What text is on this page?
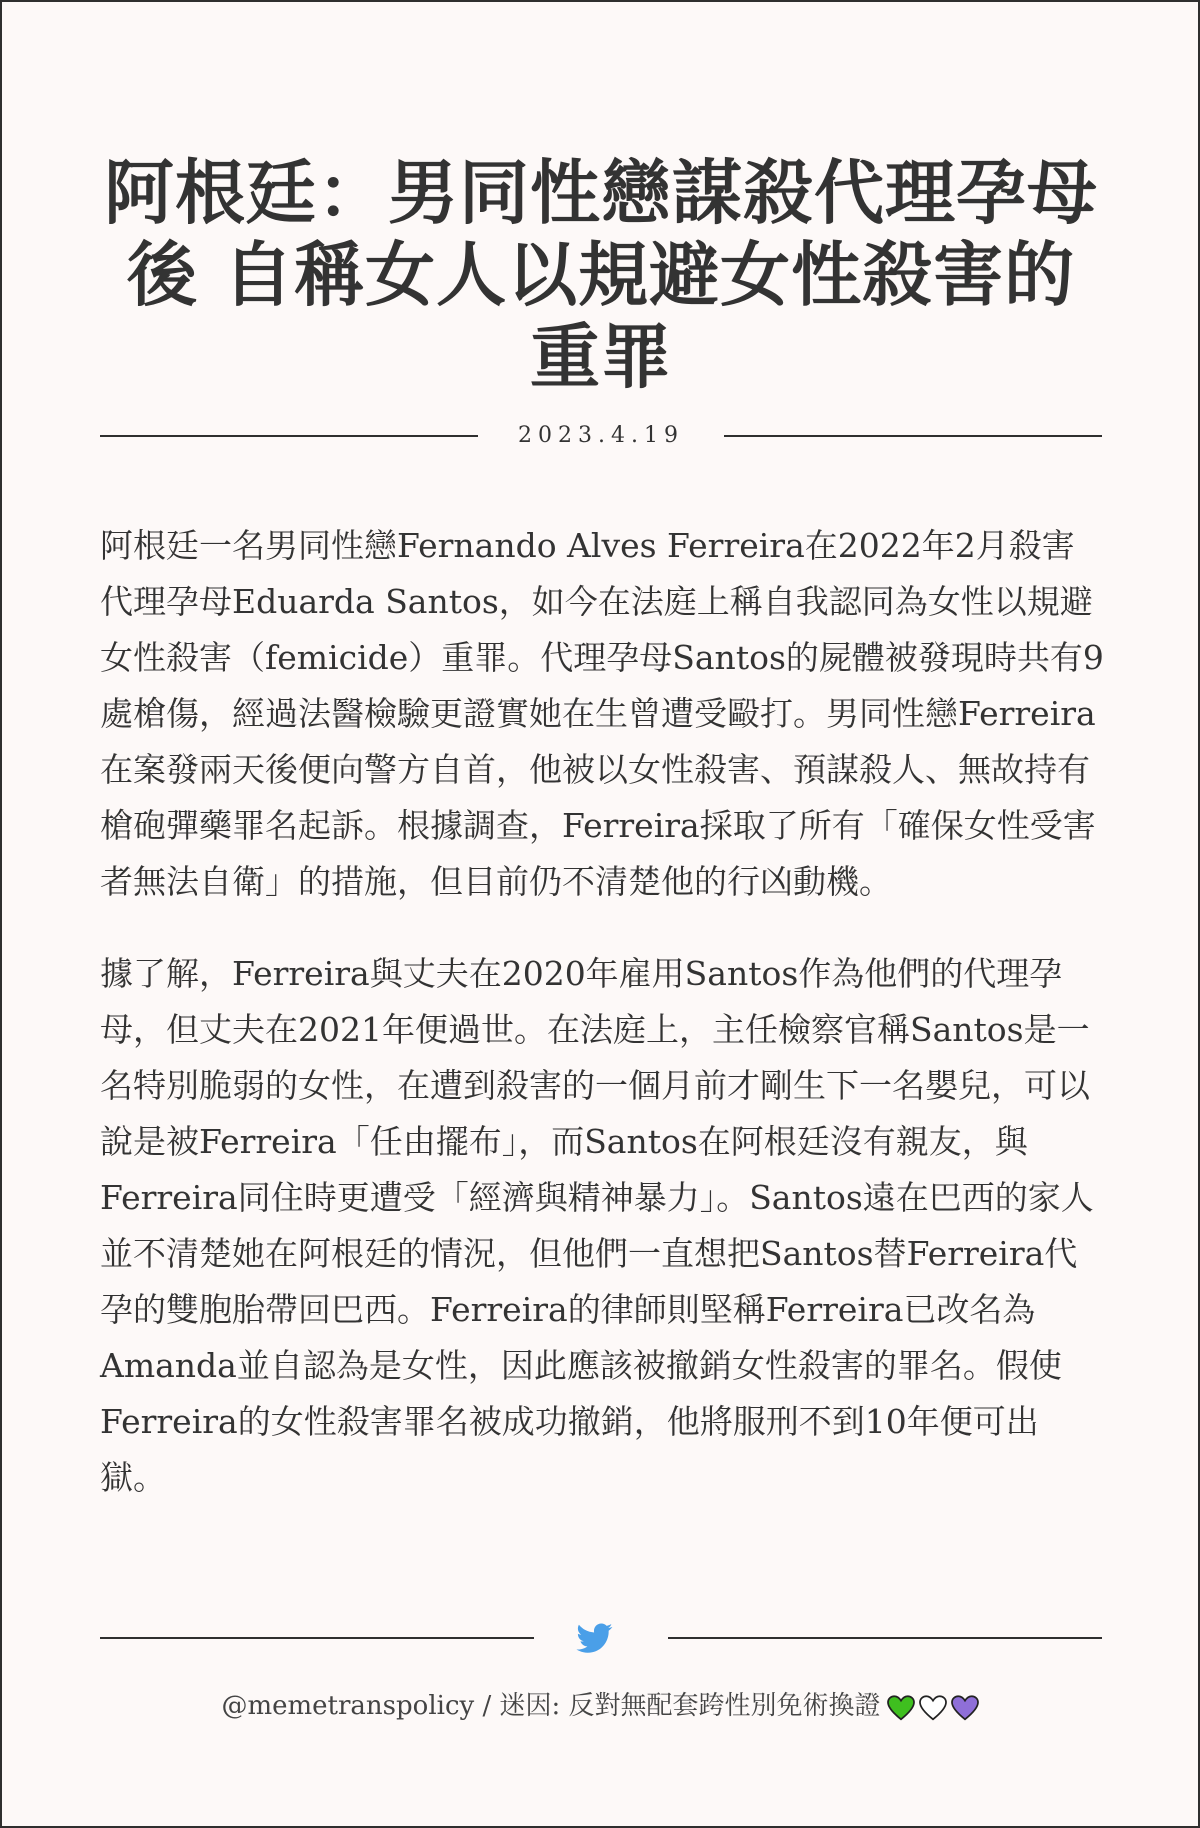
阿根廷：男同性戀謀殺代理孕母後 自稱女人以規避女性殺害的重罪
2023.4.19

阿根廷一名男同性戀Fernando Alves Ferreira在2022年2月殺害代理孕母Eduarda Santos，如今在法庭上稱自我認同為女性以規避女性殺害（femicide）重罪。代理孕母Santos的屍體被發現時共有9處槍傷，經過法醫檢驗更證實她在生曾遭受毆打。男同性戀Ferreira在案發兩天後便向警方自首，他被以女性殺害、預謀殺人、無故持有槍砲彈藥罪名起訴。根據調查，Ferreira採取了所有「確保女性受害者無法自衛」的措施，但目前仍不清楚他的行凶動機。

據了解，Ferreira與丈夫在2020年雇用Santos作為他們的代理孕母，但丈夫在2021年便過世。在法庭上，主任檢察官稱Santos是一名特別脆弱的女性，在遭到殺害的一個月前才剛生下一名嬰兒，可以說是被Ferreira「任由擺布」，而Santos在阿根廷沒有親友，與Ferreira同住時更遭受「經濟與精神暴力」。Santos遠在巴西的家人並不清楚她在阿根廷的情況，但他們一直想把Santos替Ferreira代孕的雙胞胎帶回巴西。Ferreira的律師則堅稱Ferreira已改名為Amanda並自認為是女性，因此應該被撤銷女性殺害的罪名。假使Ferreira的女性殺害罪名被成功撤銷，他將服刑不到10年便可出獄。

@memetranspolicy / 迷因: 反對無配套跨性別免術換證
